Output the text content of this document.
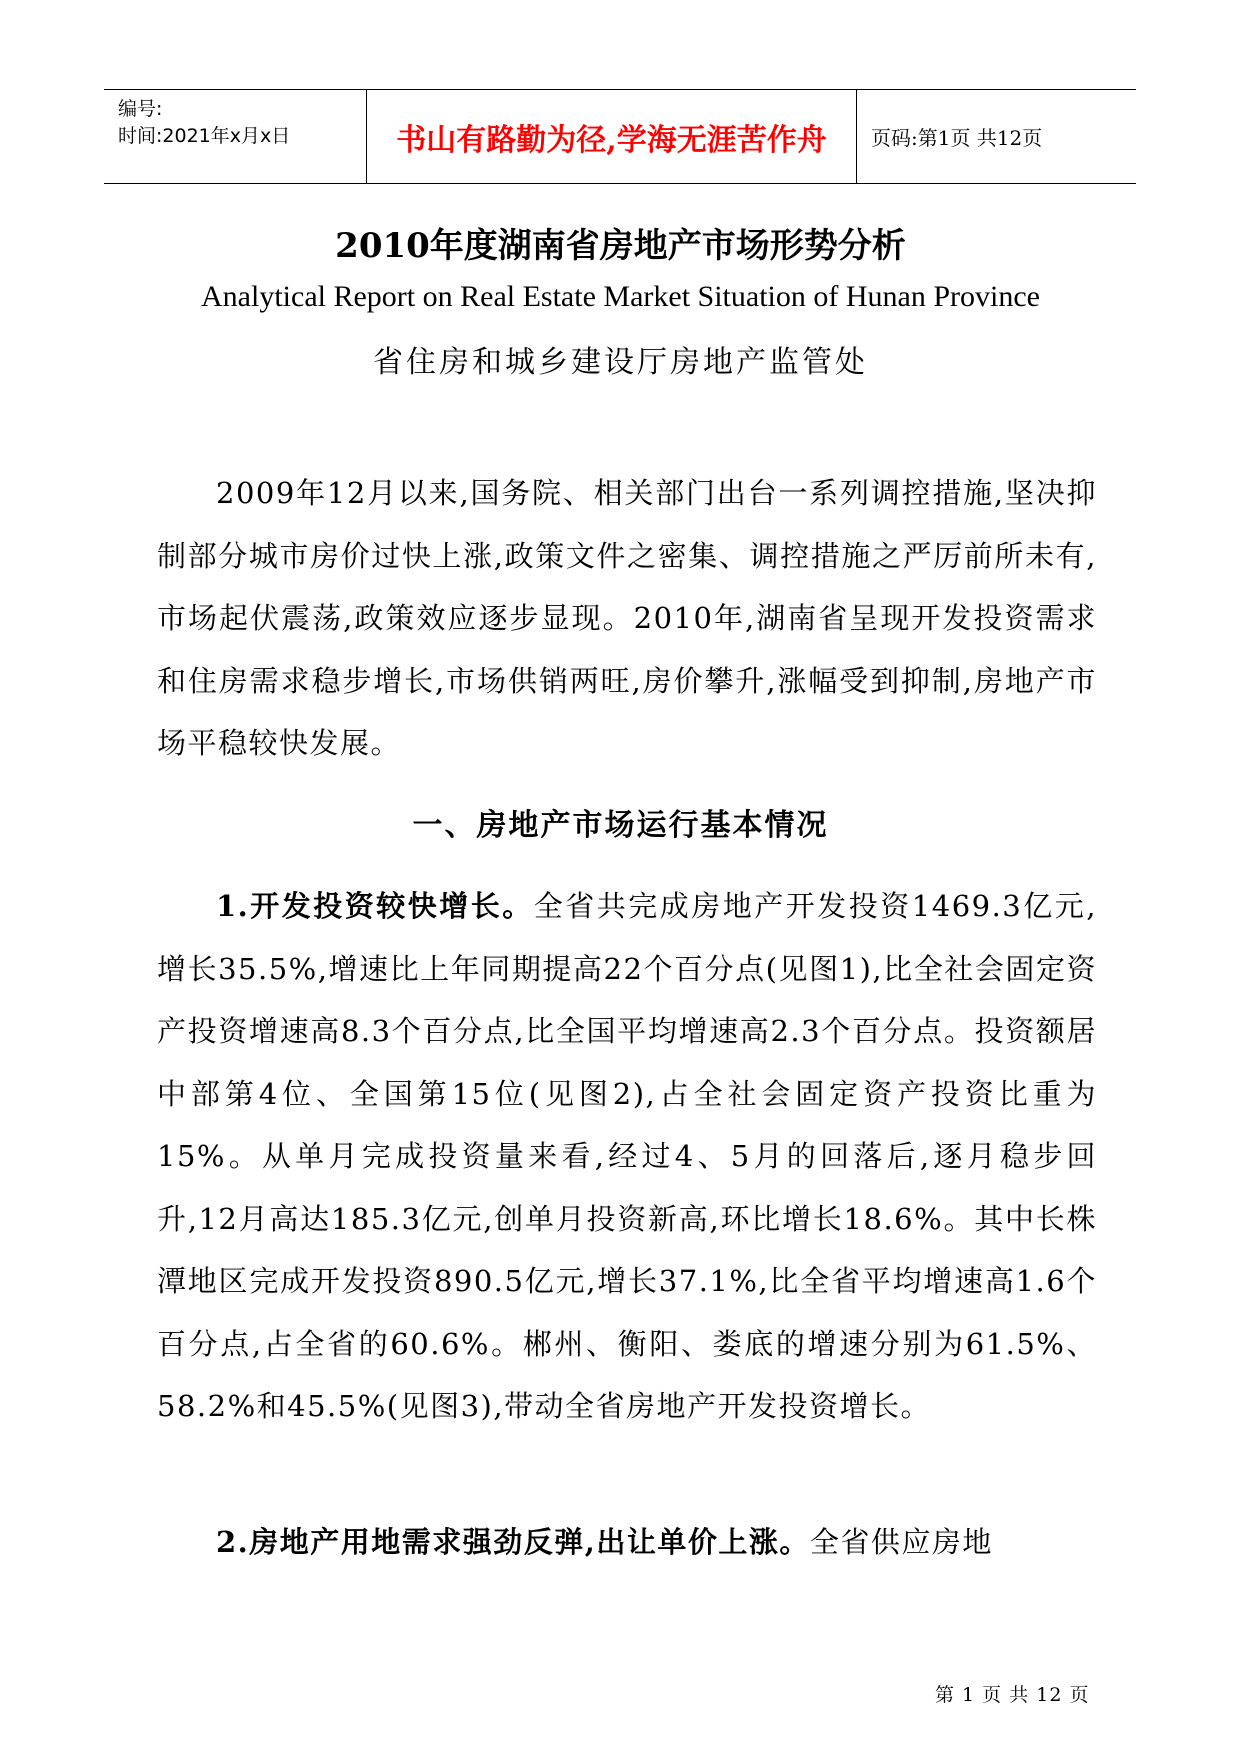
编号:
时间:2021年x月x日	书山有路勤为径,学海无涯苦作舟	页码:第1页 共12页
2010年度湖南省房地产市场形势分析
Analytical Report on Real Estate Market Situation of Hunan Province
省住房和城乡建设厅房地产监管处

2009年12月以来,国务院、相关部门出台一系列调控措施,坚决抑制部分城市房价过快上涨,政策文件之密集、调控措施之严厉前所未有,市场起伏震荡,政策效应逐步显现。2010年,湖南省呈现开发投资需求和住房需求稳步增长,市场供销两旺,房价攀升,涨幅受到抑制,房地产市场平稳较快发展。

一、房地产市场运行基本情况

1.开发投资较快增长。全省共完成房地产开发投资1469.3亿元,增长35.5%,增速比上年同期提高22个百分点(见图1),比全社会固定资产投资增速高8.3个百分点,比全国平均增速高2.3个百分点。投资额居中部第4位、全国第15位(见图2),占全社会固定资产投资比重为15%。从单月完成投资量来看,经过4、5月的回落后,逐月稳步回升,12月高达185.3亿元,创单月投资新高,环比增长18.6%。其中长株潭地区完成开发投资890.5亿元,增长37.1%,比全省平均增速高1.6个百分点,占全省的60.6%。郴州、衡阳、娄底的增速分别为61.5%、58.2%和45.5%(见图3),带动全省房地产开发投资增长。

2.房地产用地需求强劲反弹,出让单价上涨。全省供应房地

第 1 页 共 12 页
